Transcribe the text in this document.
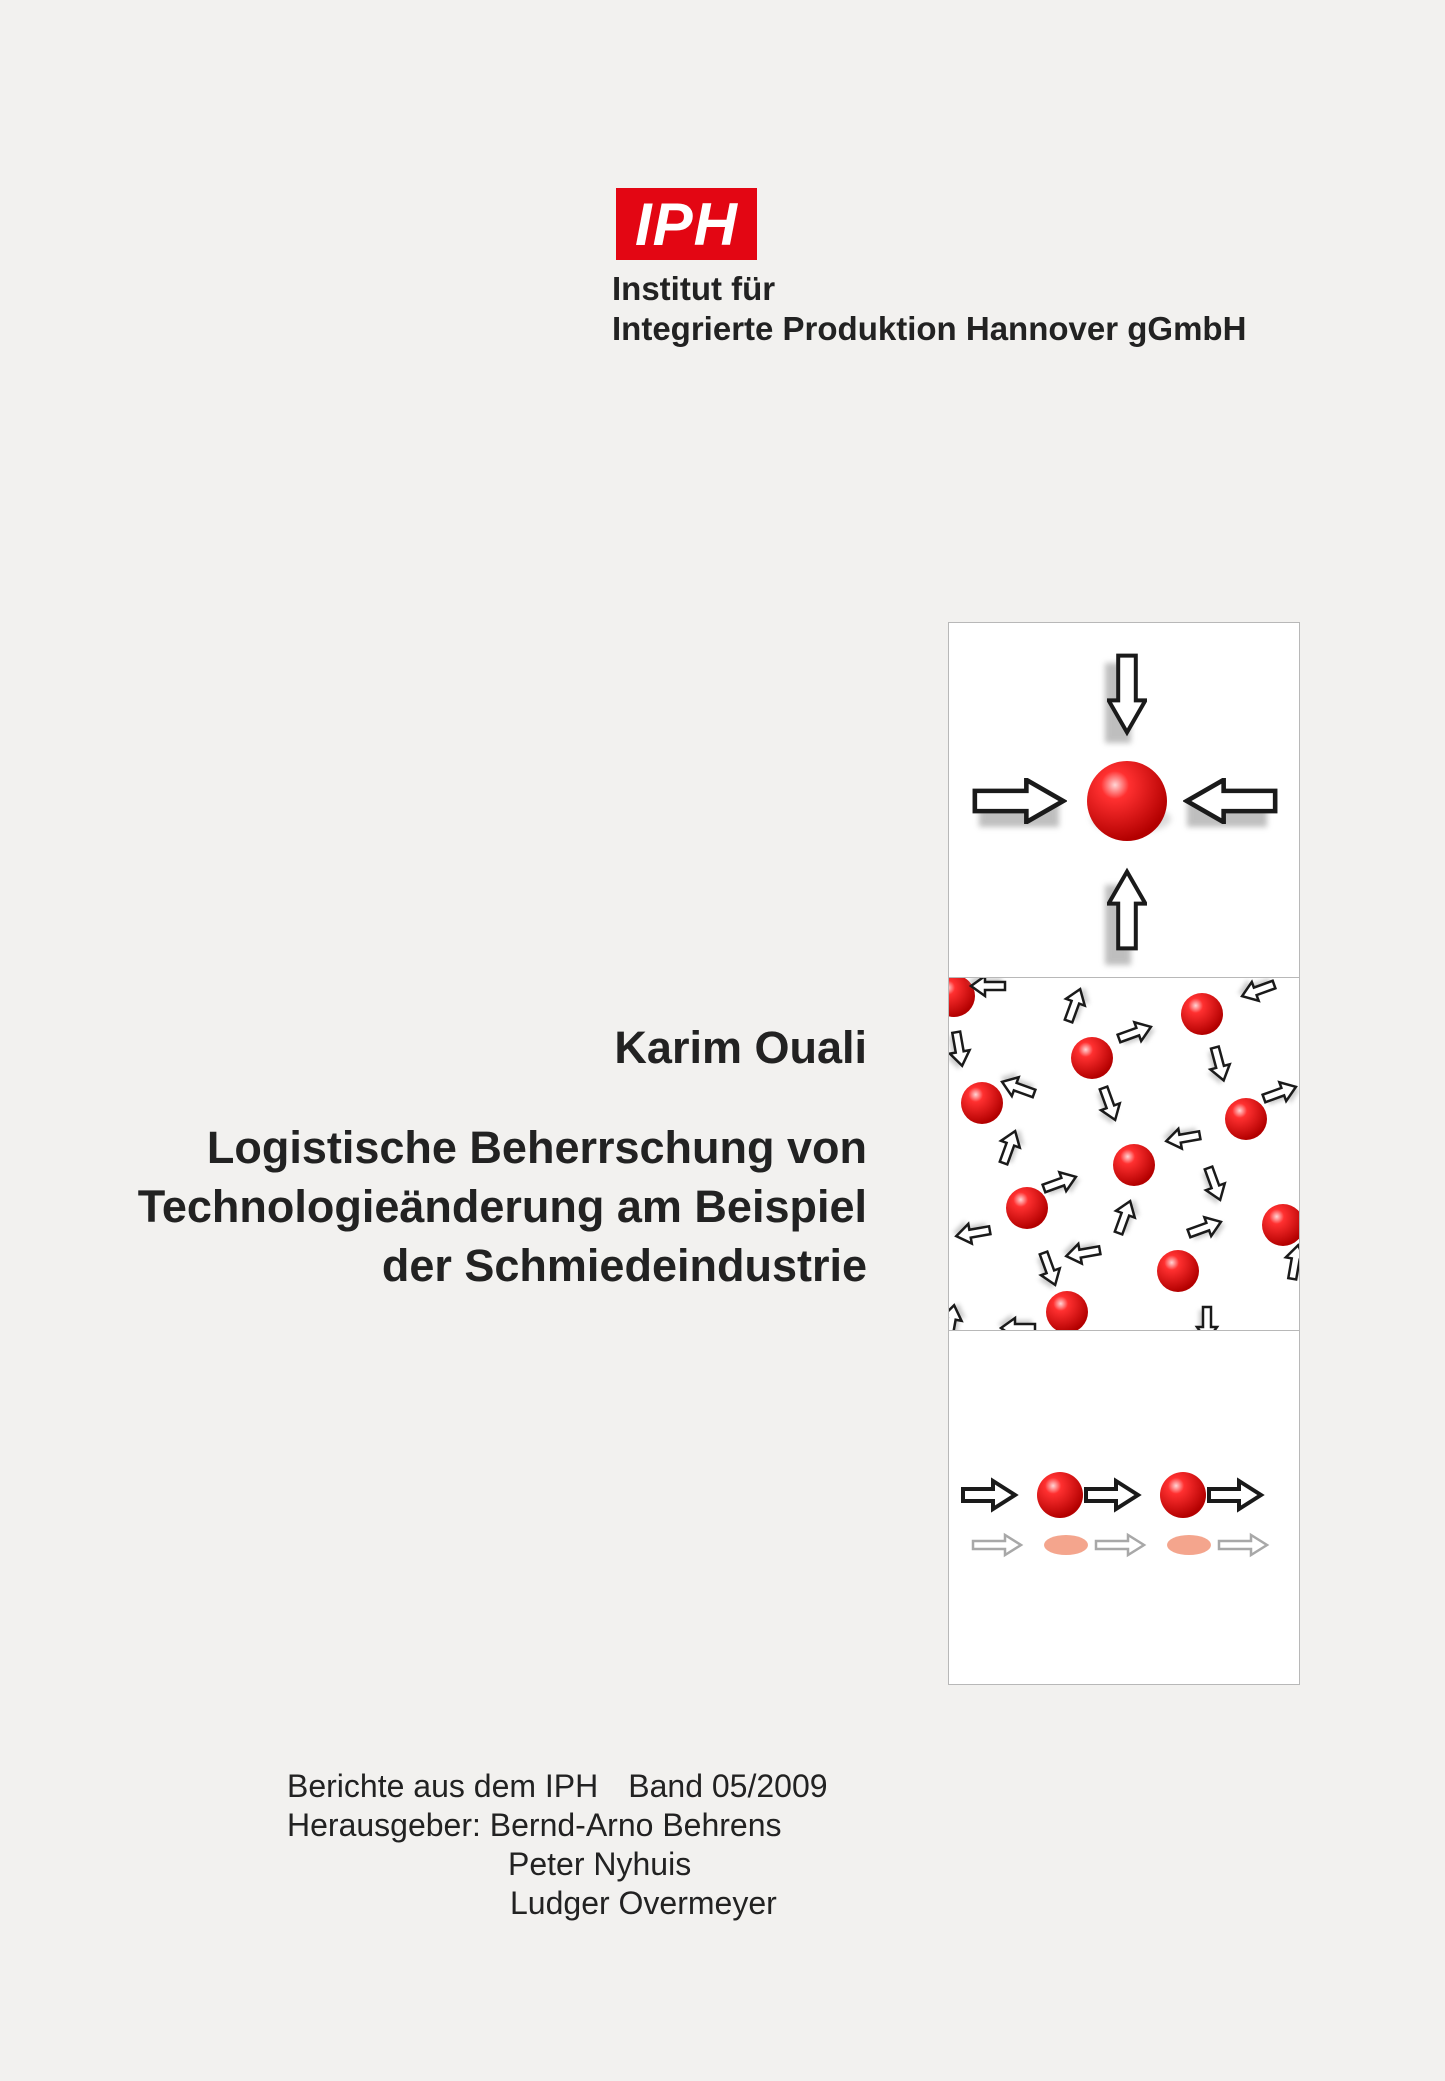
IPH
Institut für
Integrierte Produktion Hannover gGmbH
Karim Ouali
Logistische Beherrschung von
Technologieänderung am Beispiel
der Schmiedeindustrie
Berichte aus dem IPH Band 05/2009
Herausgeber: Bernd-Arno Behrens
Peter Nyhuis
Ludger Overmeyer
